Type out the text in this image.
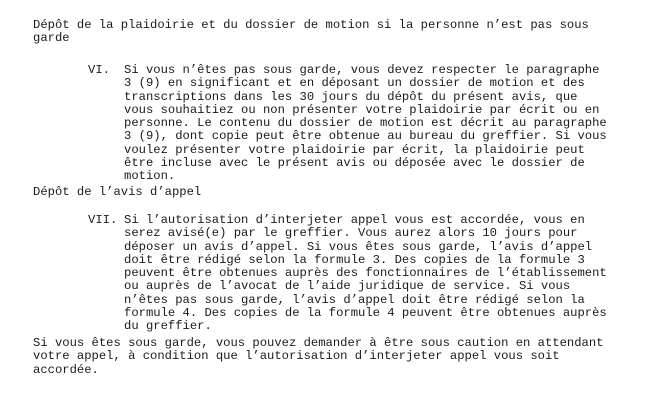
Dépôt de la plaidoirie et du dossier de motion si la personne n’est pas sous
garde
VI. Si vous n’êtes pas sous garde, vous devez respecter le paragraphe
3 (9) en significant et en déposant un dossier de motion et des
transcriptions dans les 30 jours du dépôt du présent avis, que
vous souhaitiez ou non présenter votre plaidoirie par écrit ou en
personne. Le contenu du dossier de motion est décrit au paragraphe
3 (9), dont copie peut être obtenue au bureau du greffier. Si vous
voulez présenter votre plaidoirie par écrit, la plaidoirie peut
être incluse avec le présent avis ou déposée avec le dossier de
motion.
Dépôt de l’avis d’appel
VII. Si l’autorisation d’interjeter appel vous est accordée, vous en
serez avisé(e) par le greffier. Vous aurez alors 10 jours pour
déposer un avis d’appel. Si vous êtes sous garde, l’avis d’appel
doit être rédigé selon la formule 3. Des copies de la formule 3
peuvent être obtenues auprès des fonctionnaires de l’établissement
ou auprès de l’avocat de l’aide juridique de service. Si vous
n’êtes pas sous garde, l’avis d’appel doit être rédigé selon la
formule 4. Des copies de la formule 4 peuvent être obtenues auprès
du greffier.
Si vous êtes sous garde, vous pouvez demander à être sous caution en attendant
votre appel, à condition que l’autorisation d’interjeter appel vous soit
accordée.
